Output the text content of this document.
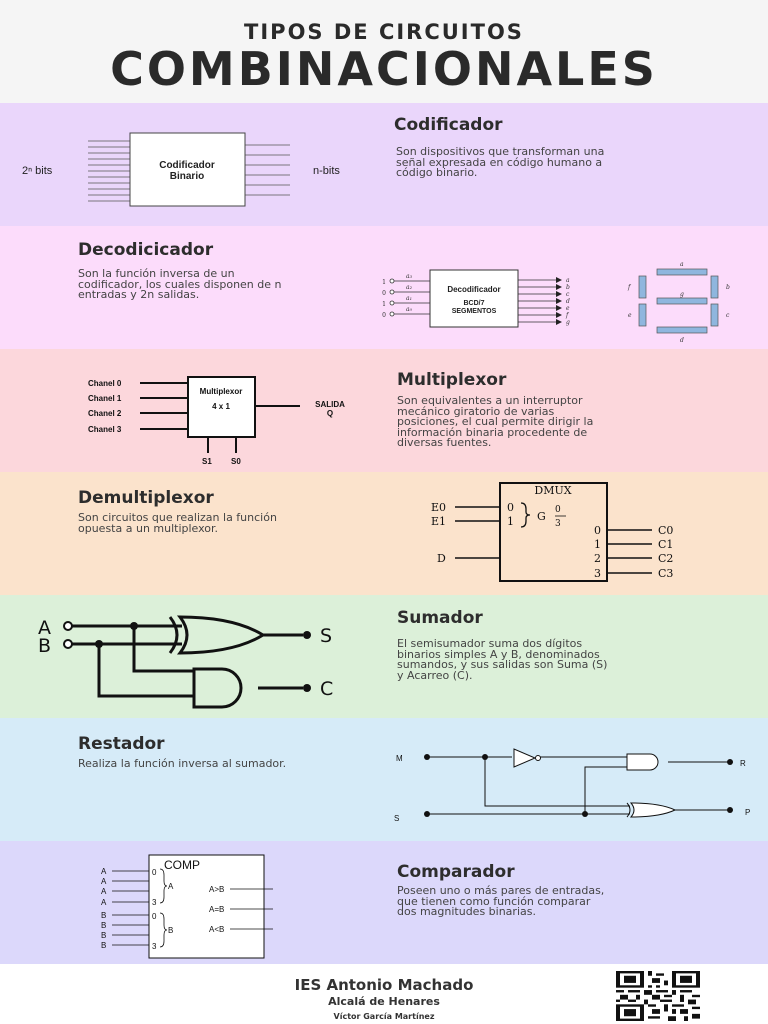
TIPOS DE CIRCUITOS
COMBINACIONALES
Codificador
Son dispositivos que transforman una
señal expresada en código humano a
código binario.
Codificador
Binario
2ⁿ bits	n-bits
Decodicicador
Son la función inversa de un
codificador, los cuales disponen de n
entradas y 2n salidas.
a₃
a₂
a₁
a₀
1
0
1
0
Decodificador
BCD/7
SEGMENTOS
a
b
c
d
e
f
g
a
b
c
d
e
f
g
Multiplexor
Son equivalentes a un interruptor
mecánico giratorio de varias
posiciones, el cual permite dirigir la
información binaria procedente de
diversas fuentes.
Multiplexor
4 x 1
Chanel 0
Chanel 1
Chanel 2
Chanel 3
SALIDA
Q
S1 S0
Demultiplexor
Son circuitos que realizan la función
opuesta a un multiplexor.
DMUX
E0
E1
D
0
1 G 0
3	0
1
2
3
C0
C1
C2
C3
Sumador
El semisumador suma dos dígitos
binarios simples A y B, denominados
sumandos, y sus salidas son Suma (S)
y Acarreo (C).
A
B	S
C
Restador
Realiza la función inversa al sumador.	M
S
R
P
Comparador
Poseen uno o más pares de entradas,
que tienen como función comparar
dos magnitudes binarias.
COMP
A
A
A
A
B
B
B
B
0
3
0
3
A
B
A>B
A=B
A<B
IES Antonio Machado
Alcalá de Henares
Víctor García Martínez
